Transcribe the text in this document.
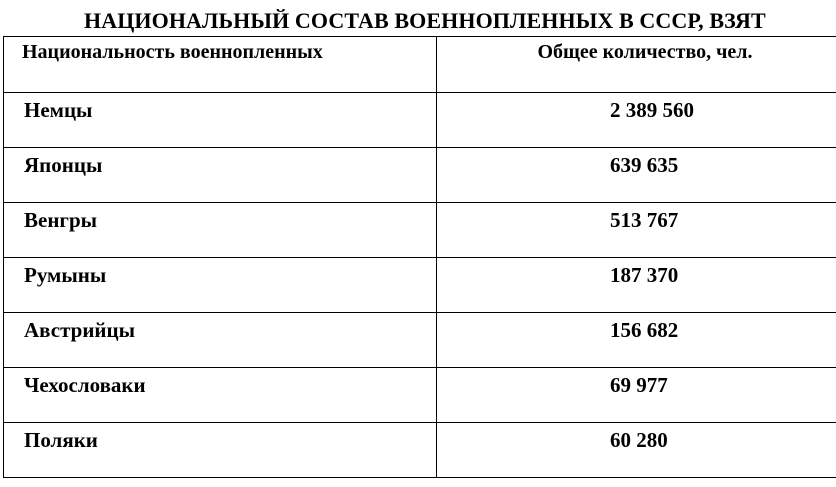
НАЦИОНАЛЬНЫЙ СОСТАВ ВОЕННОПЛЕННЫХ В СССР, ВЗЯТ
Национальность военнопленных	Общее количество, чел.

Немцы	2 389 560

Японцы	639 635

Венгры	513 767

Румыны	187 370

Австрийцы	156 682

Чехословаки	69 977

Поляки	60 280
